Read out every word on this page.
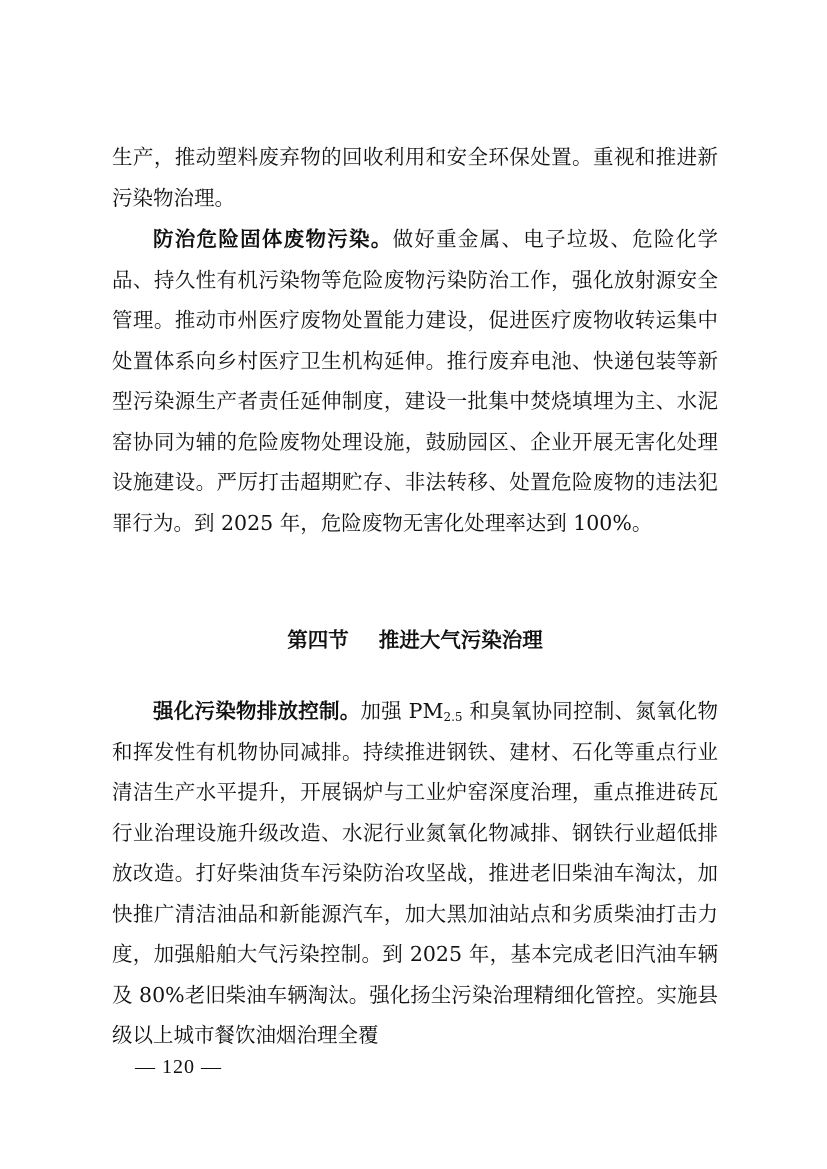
生产，推动塑料废弃物的回收利用和安全环保处置。重视和推进新污染物治理。

防治危险固体废物污染。做好重金属、电子垃圾、危险化学品、持久性有机污染物等危险废物污染防治工作，强化放射源安全管理。推动市州医疗废物处置能力建设，促进医疗废物收转运集中处置体系向乡村医疗卫生机构延伸。推行废弃电池、快递包装等新型污染源生产者责任延伸制度，建设一批集中焚烧填埋为主、水泥窑协同为辅的危险废物处理设施，鼓励园区、企业开展无害化处理设施建设。严厉打击超期贮存、非法转移、处置危险废物的违法犯罪行为。到 2025 年，危险废物无害化处理率达到 100%。

第四节 推进大气污染治理

强化污染物排放控制。加强 $PM_{2.5}$ 和臭氧协同控制、氮氧化物和挥发性有机物协同减排。持续推进钢铁、建材、石化等重点行业清洁生产水平提升，开展锅炉与工业炉窑深度治理，重点推进砖瓦行业治理设施升级改造、水泥行业氮氧化物减排、钢铁行业超低排放改造。打好柴油货车污染防治攻坚战，推进老旧柴油车淘汰，加快推广清洁油品和新能源汽车，加大黑加油站点和劣质柴油打击力度，加强船舶大气污染控制。到 2025 年，基本完成老旧汽油车辆及 80%老旧柴油车辆淘汰。强化扬尘污染治理精细化管控。实施县级以上城市餐饮油烟治理全覆

— 120 —
